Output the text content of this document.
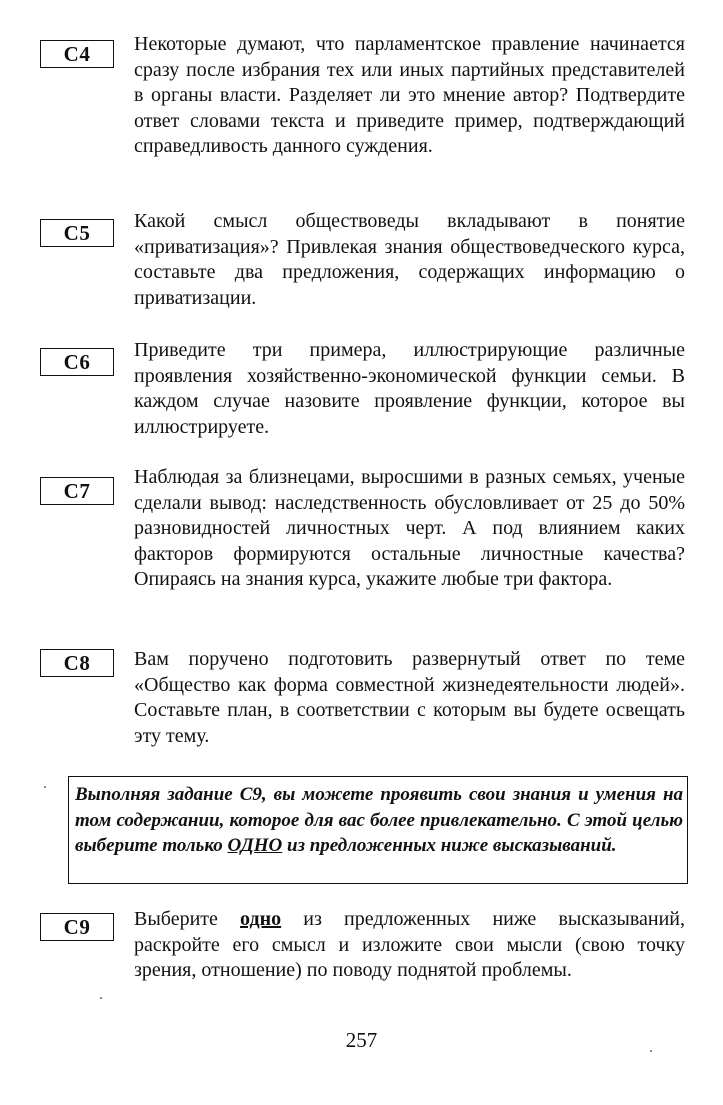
С4	Некоторые думают, что парламентское правление начинается сразу после избрания тех или иных партийных представителей в органы власти. Разделяет ли это мнение автор? Подтвердите ответ словами текста и приведите пример, подтверждающий справедливость данного суждения.
С5	Какой смысл обществоведы вкладывают в понятие «приватизация»? Привлекая знания обществоведческого курса, составьте два предложения, содержащих информацию о приватизации.
С6	Приведите три примера, иллюстрирующие различные проявления хозяйственно-экономической функции семьи. В каждом случае назовите проявление функции, которое вы иллюстрируете.
С7
Наблюдая за близнецами, выросшими в разных семьях, ученые сделали вывод: наследственность обусловливает от 25 до 50% разновидностей личностных черт. А под влиянием каких факторов формируются остальные личностные качества? Опираясь на знания курса, укажите любые три фактора.
С8	Вам поручено подготовить развернутый ответ по теме «Общество как форма совместной жизнедеятельности людей». Составьте план, в соответствии с которым вы будете освещать эту тему.
Выполняя задание С9, вы можете проявить свои знания и умения на том содержании, которое для вас более привлекательно. С этой целью выберите только ОДНО из предложенных ниже высказываний.
С9	Выберите одно из предложенных ниже высказываний, раскройте его смысл и изложите свои мысли (свою точку зрения, отношение) по поводу поднятой проблемы.
257
